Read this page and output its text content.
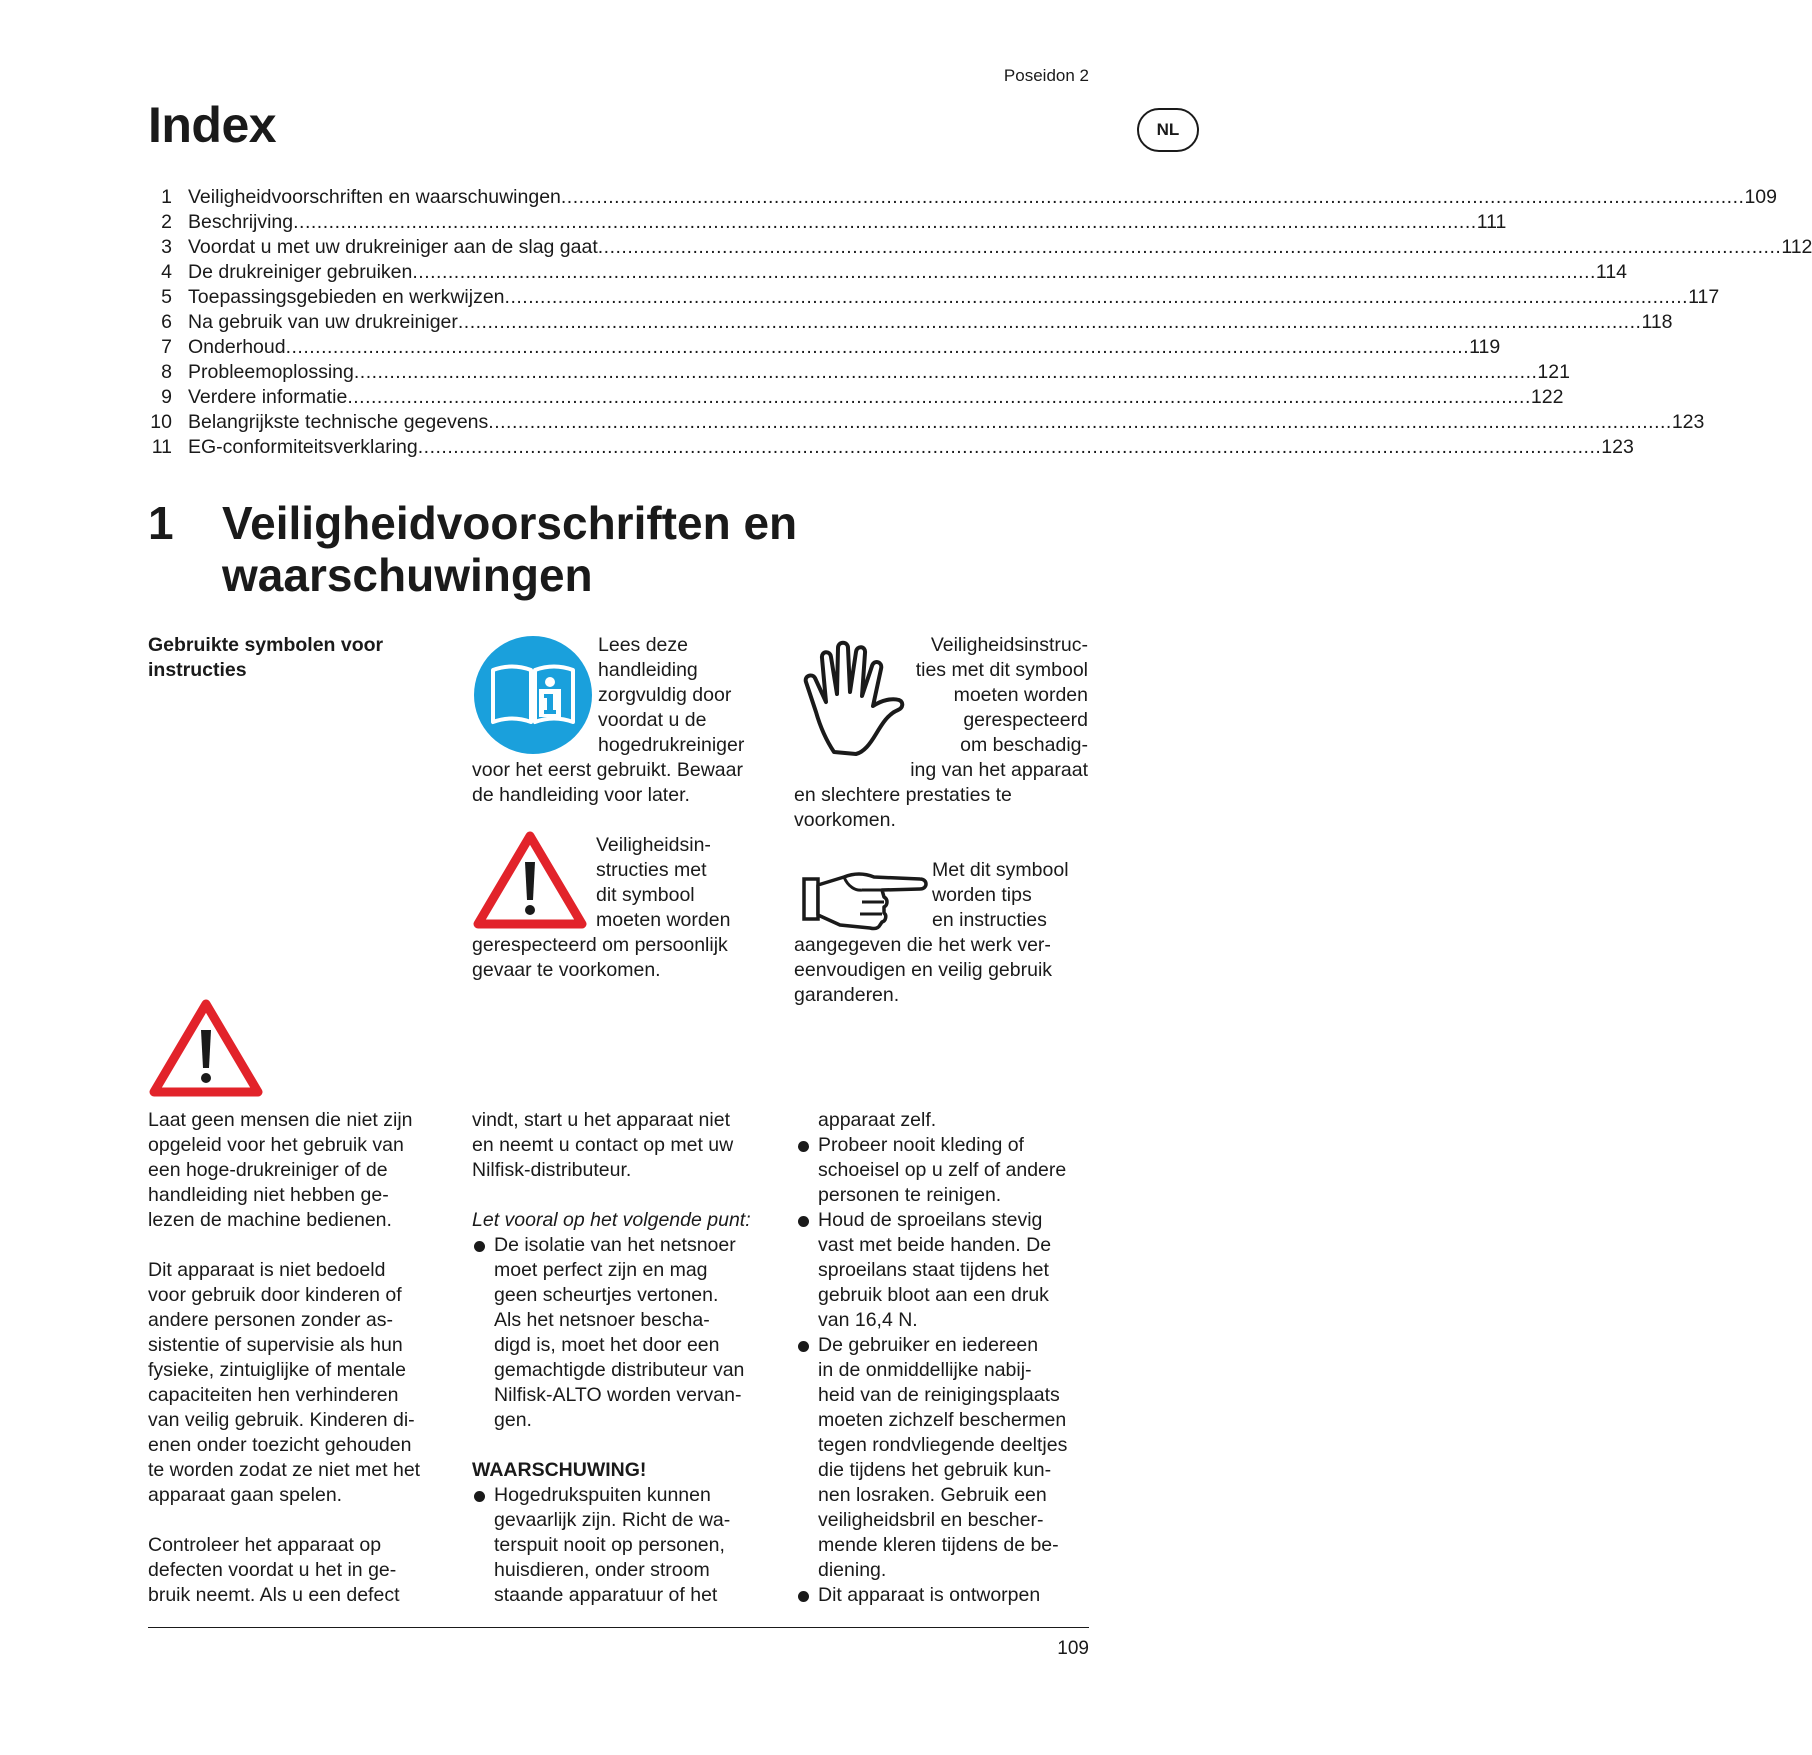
Poseidon 2
NL
Index
1 Veiligheidvoorschriften en waarschuwingen ........................................................................................................................................................................................................ 109
2 Beschrijving ........................................................................................................................................................................................................ 111
3 Voordat u met uw drukreiniger aan de slag gaat ........................................................................................................................................................................................................ 112
4 De drukreiniger gebruiken ........................................................................................................................................................................................................ 114
5 Toepassingsgebieden en werkwijzen ........................................................................................................................................................................................................ 117
6 Na gebruik van uw drukreiniger ........................................................................................................................................................................................................ 118
7 Onderhoud ........................................................................................................................................................................................................ 119
8 Probleemoplossing ........................................................................................................................................................................................................ 121
9 Verdere informatie ........................................................................................................................................................................................................ 122
10 Belangrijkste technische gegevens ........................................................................................................................................................................................................ 123
11 EG-conformiteitsverklaring ........................................................................................................................................................................................................ 123
1 Veiligheidvoorschriften en
waarschuwingen
Gebruikte symbolen voor
instructies
Lees deze
handleiding
zorgvuldig door
voordat u de
hogedrukreiniger
voor het eerst gebruikt. Bewaar
de handleiding voor later.
Veiligheidsin-
structies met
dit symbool
moeten worden
gerespecteerd om persoonlijk
gevaar te voorkomen.
Veiligheidsinstruc-
ties met dit symbool
moeten worden
gerespecteerd
om beschadig-
ing van het apparaat
en slechtere prestaties te
voorkomen.
Met dit symbool
worden tips
en instructies
aangegeven die het werk ver-
eenvoudigen en veilig gebruik
garanderen.

Laat geen mensen die niet zijn
opgeleid voor het gebruik van
een hoge-drukreiniger of de
handleiding niet hebben ge-
lezen de machine bedienen.

Dit apparaat is niet bedoeld
voor gebruik door kinderen of
andere personen zonder as-
sistentie of supervisie als hun
fysieke, zintuiglijke of mentale
capaciteiten hen verhinderen
van veilig gebruik. Kinderen di-
enen onder toezicht gehouden
te worden zodat ze niet met het
apparaat gaan spelen.

Controleer het apparaat op
defecten voordat u het in ge-
bruik neemt. Als u een defect

vindt, start u het apparaat niet
en neemt u contact op met uw
Nilfisk-distributeur.

Let vooral op het volgende punt:

De isolatie van het netsnoer
moet perfect zijn en mag
geen scheurtjes vertonen.
Als het netsnoer bescha-
digd is, moet het door een
gemachtigde distributeur van
Nilfisk-ALTO worden vervan-
gen.

WAARSCHUWING!

Hogedrukspuiten kunnen
gevaarlijk zijn. Richt de wa-
terspuit nooit op personen,
huisdieren, onder stroom
staande apparatuur of het

apparaat zelf.

Probeer nooit kleding of
schoeisel op u zelf of andere
personen te reinigen.
Houd de sproeilans stevig
vast met beide handen. De
sproeilans staat tijdens het
gebruik bloot aan een druk
van 16,4 N.
De gebruiker en iedereen
in de onmiddellijke nabij-
heid van de reinigingsplaats
moeten zichzelf beschermen
tegen rondvliegende deeltjes
die tijdens het gebruik kun-
nen losraken. Gebruik een
veiligheidsbril en bescher-
mende kleren tijdens de be-
diening.
Dit apparaat is ontworpen
109
